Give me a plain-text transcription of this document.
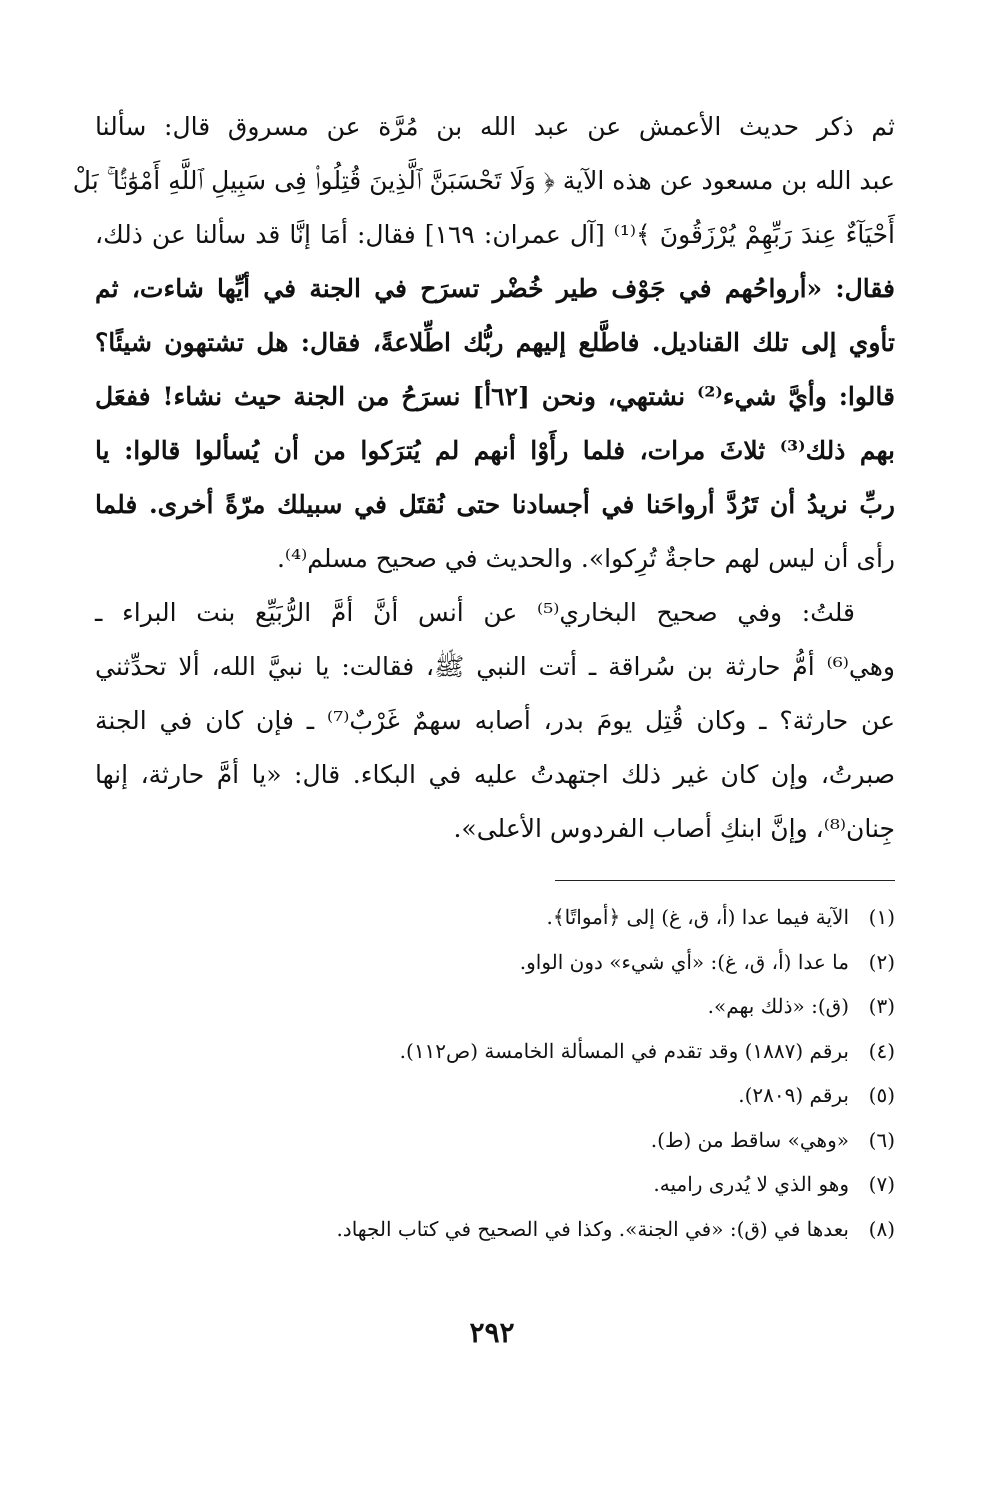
ثم ذكر حديث الأعمش عن عبد الله بن مُرَّة عن مسروق قال: سألنا
عبد الله بن مسعود عن هذه الآية ﴿ وَلَا تَحْسَبَنَّ ٱلَّذِينَ قُتِلُوا۟ فِى سَبِيلِ ٱللَّهِ أَمْوَٰتًۢا ۚ بَلْ
أَحْيَآءٌ عِندَ رَبِّهِمْ يُرْزَقُونَ ﴾⁽¹⁾ [آل عمران: ١٦٩] فقال: أمَا إنَّا قد سألنا عن ذلك،
فقال: «أرواحُهم في جَوْف طير خُضْر تسرَح في الجنة في أيِّها شاءت، ثم
تأوي إلى تلك القناديل. فاطَّلع إليهم ربُّك اطِّلاعةً، فقال: هل تشتهون شيئًا؟
قالوا: وأيَّ شيء⁽²⁾ نشتهي، ونحن [٦٢أ] نسرَحُ من الجنة حيث نشاء! ففعَل
بهم ذلك⁽³⁾ ثلاثَ مرات، فلما رأَوْا أنهم لم يُترَكوا من أن يُسألوا قالوا: يا
ربِّ نريدُ أن تَرُدَّ أرواحَنا في أجسادنا حتى نُقتَل في سبيلك مرّةً أخرى. فلما
رأى أن ليس لهم حاجةٌ تُرِكوا». والحديث في صحيح مسلم⁽⁴⁾.
قلتُ: وفي صحيح البخاري⁽⁵⁾ عن أنس أنَّ أمَّ الرُّبَيِّع بنت البراء ـ
وهي⁽⁶⁾ أمُّ حارثة بن سُراقة ـ أتت النبي ﷺ، فقالت: يا نبيَّ الله، ألا تحدِّثني
عن حارثة؟ ـ وكان قُتِل يومَ بدر، أصابه سهمٌ غَرْبٌ⁽⁷⁾ ـ فإن كان في الجنة
صبرتُ، وإن كان غير ذلك اجتهدتُ عليه في البكاء. قال: «يا أمَّ حارثة، إنها
جِنان⁽⁸⁾، وإنَّ ابنكِ أصاب الفردوس الأعلى».
(١)
الآية فيما عدا (أ، ق، غ) إلى ﴿أمواتًا﴾.
(٢)
ما عدا (أ، ق، غ): «أي شيء» دون الواو.
(٣)
(ق): «ذلك بهم».
(٤)
برقم (١٨٨٧) وقد تقدم في المسألة الخامسة (ص١١٢).
(٥)
برقم (٢٨٠٩).
(٦)
«وهي» ساقط من (ط).
(٧)
وهو الذي لا يُدرى راميه.
(٨)
بعدها في (ق): «في الجنة». وكذا في الصحيح في كتاب الجهاد.
٢٩٢
